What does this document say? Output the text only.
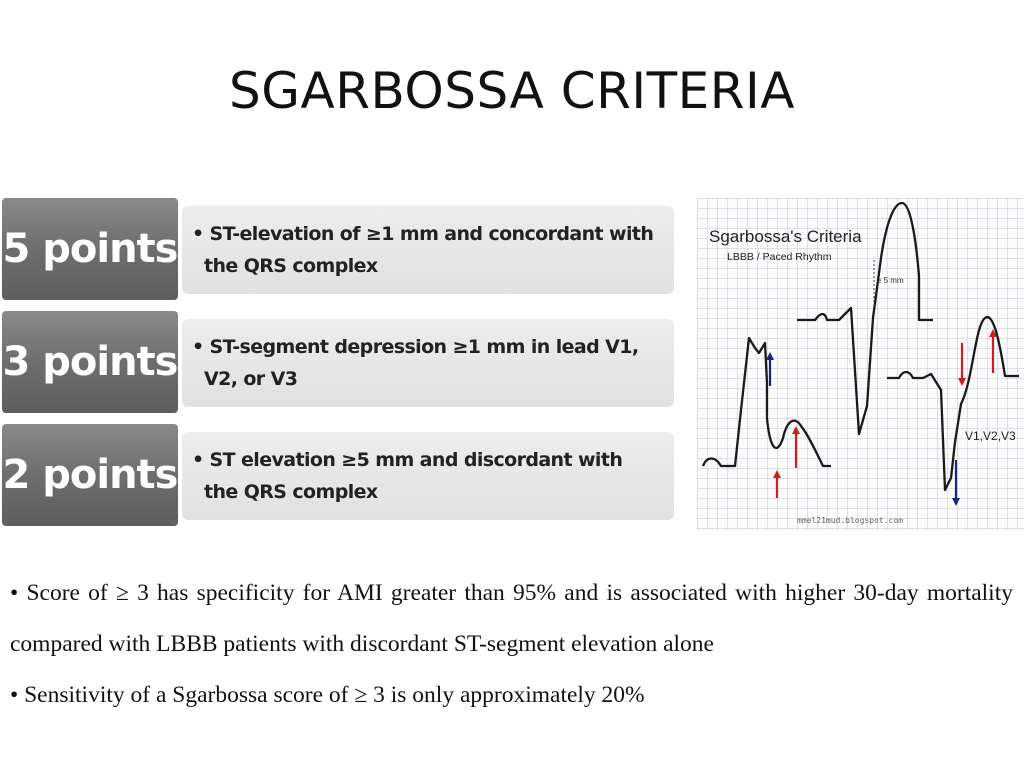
SGARBOSSA CRITERIA
5 points • ST-elevation of ≥1 mm and concordant with the QRS complex
3 points • ST-segment depression ≥1 mm in lead V1, V2, or V3
2 points • ST elevation ≥5 mm and discordant with the QRS complex
Sgarbossa's Criteria
LBBB / Paced Rhythm
≥ 5 mm
V1,V2,V3
mmel21mud.blogspot.com

• Score of ≥ 3 has specificity for AMI greater than 95% and is associated with higher 30-day mortality compared with LBBB patients with discordant ST-segment elevation alone

• Sensitivity of a Sgarbossa score of ≥ 3 is only approximately 20%
